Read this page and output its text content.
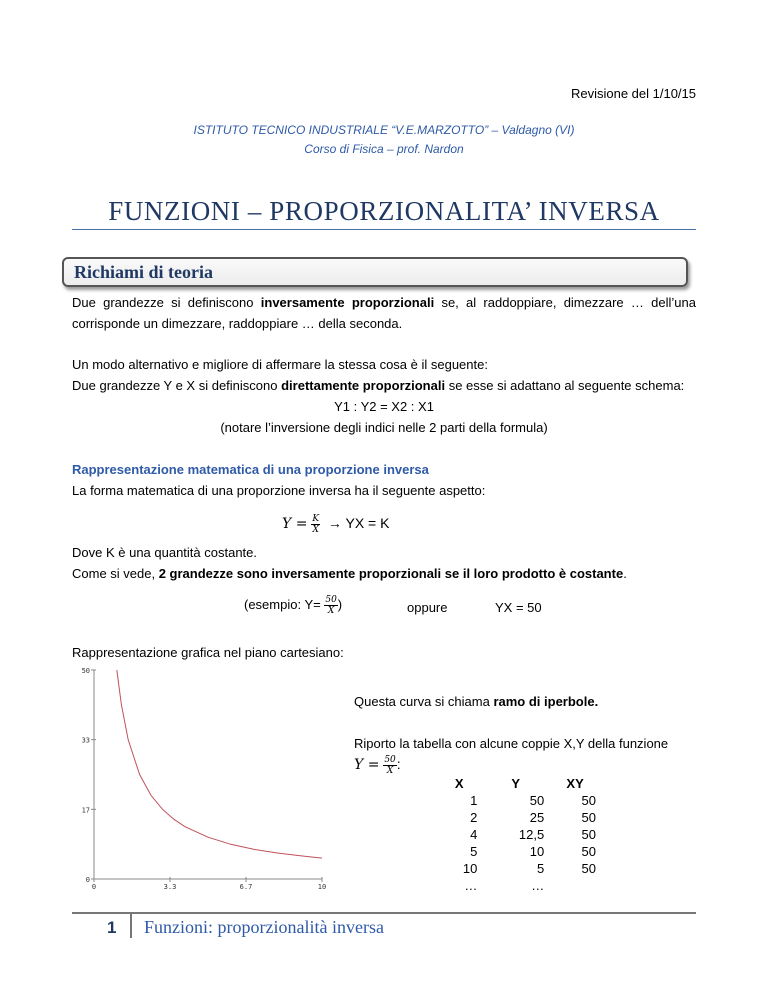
Revisione del 1/10/15
ISTITUTO TECNICO INDUSTRIALE “V.E.MARZOTTO” – Valdagno (VI)
Corso di Fisica – prof. Nardon
FUNZIONI – PROPORZIONALITA’ INVERSA
Richiami di teoria
Due grandezze si definiscono inversamente proporzionali se, al raddoppiare, dimezzare … dell’una
corrisponde un dimezzare, raddoppiare … della seconda.
Un modo alternativo e migliore di affermare la stessa cosa è il seguente:
Due grandezze Y e X si definiscono direttamente proporzionali se esse si adattano al seguente schema:
Y1 : Y2 = X2 : X1
(notare l’inversione degli indici nelle 2 parti della formula)
Rappresentazione matematica di una proporzione inversa
La forma matematica di una proporzione inversa ha il seguente aspetto:
$Y = \frac{K}{X}$ → YX = K
Dove K è una quantità costante.
Come si vede, 2 grandezze sono inversamente proporzionali se il loro prodotto è costante.
(esempio: $Y= \frac{50}{X}$ )	oppure	YX = 50
Rappresentazione grafica nel piano cartesiano:
0
17
33
50
0	3.3	6.7	10
Questa curva si chiama ramo di iperbole.
Riporto la tabella con alcune coppie X,Y della funzione
$Y = \frac{50}{X}$ :
X	Y	XY
1	50	50
2	25	50
4	12,5	50
5	10	50
10	5	50
…	…	
1 Funzioni: proporzionalità inversa
